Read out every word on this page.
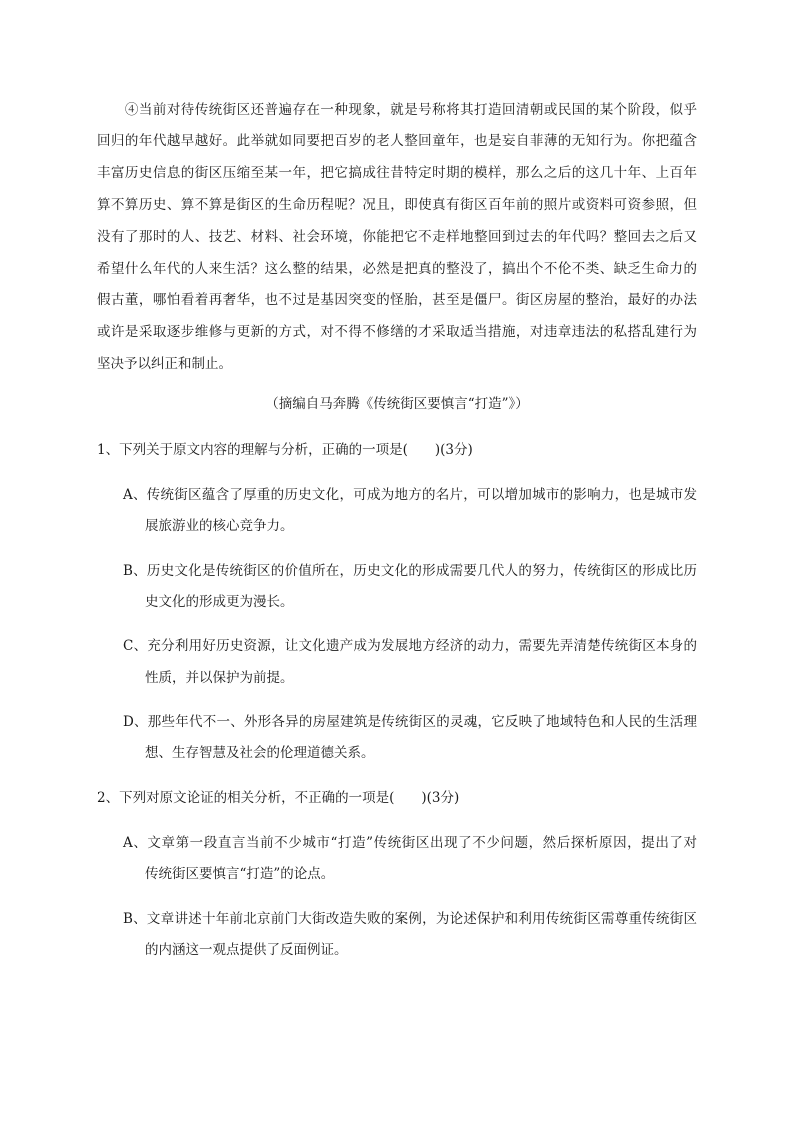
　　④当前对待传统街区还普遍存在一种现象，就是号称将其打造回清朝或民国的某个阶段，似乎
回归的年代越早越好。此举就如同要把百岁的老人整回童年，也是妄自菲薄的无知行为。你把蕴含
丰富历史信息的街区压缩至某一年，把它搞成往昔特定时期的模样，那么之后的这几十年、上百年
算不算历史、算不算是街区的生命历程呢？况且，即使真有街区百年前的照片或资料可资参照，但
没有了那时的人、技艺、材料、社会环境，你能把它不走样地整回到过去的年代吗？整回去之后又
希望什么年代的人来生活？这么整的结果，必然是把真的整没了，搞出个不伦不类、缺乏生命力的
假古董，哪怕看着再奢华，也不过是基因突变的怪胎，甚至是僵尸。街区房屋的整治，最好的办法
或许是采取逐步维修与更新的方式，对不得不修缮的才采取适当措施，对违章违法的私搭乱建行为
坚决予以纠正和制止。
（摘编自马奔腾《传统街区要慎言“打造”》）
1、下列关于原文内容的理解与分析，正确的一项是(　　)(3分)
A、传统街区蕴含了厚重的历史文化，可成为地方的名片，可以增加城市的影响力，也是城市发
展旅游业的核心竞争力。
B、历史文化是传统街区的价值所在，历史文化的形成需要几代人的努力，传统街区的形成比历
史文化的形成更为漫长。
C、充分利用好历史资源，让文化遗产成为发展地方经济的动力，需要先弄清楚传统街区本身的
性质，并以保护为前提。
D、那些年代不一、外形各异的房屋建筑是传统街区的灵魂，它反映了地域特色和人民的生活理
想、生存智慧及社会的伦理道德关系。
2、下列对原文论证的相关分析，不正确的一项是(　　)(3分)
A、文章第一段直言当前不少城市“打造”传统街区出现了不少问题，然后探析原因，提出了对
传统街区要慎言“打造”的论点。
B、文章讲述十年前北京前门大街改造失败的案例，为论述保护和利用传统街区需尊重传统街区
的内涵这一观点提供了反面例证。
